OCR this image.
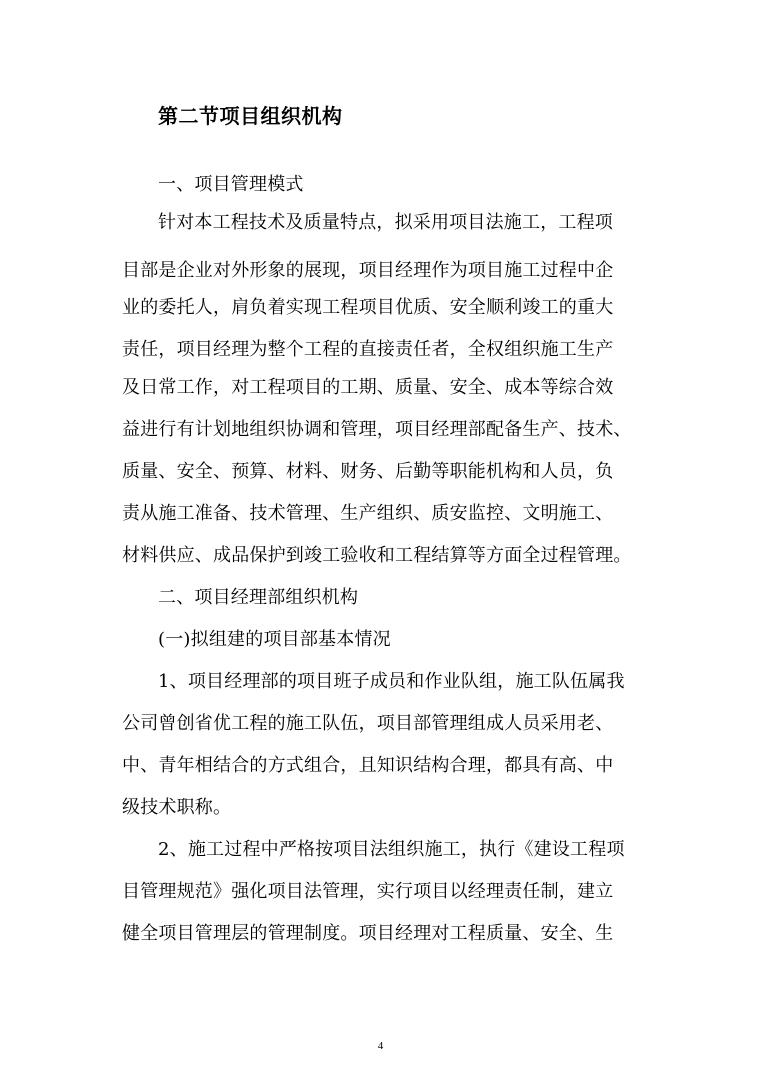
第二节项目组织机构
一、项目管理模式
针对本工程技术及质量特点，拟采用项目法施工，工程项
目部是企业对外形象的展现，项目经理作为项目施工过程中企
业的委托人，肩负着实现工程项目优质、安全顺利竣工的重大
责任，项目经理为整个工程的直接责任者，全权组织施工生产
及日常工作，对工程项目的工期、质量、安全、成本等综合效
益进行有计划地组织协调和管理，项目经理部配备生产、技术、
质量、安全、预算、材料、财务、后勤等职能机构和人员，负
责从施工准备、技术管理、生产组织、质安监控、文明施工、
材料供应、成品保护到竣工验收和工程结算等方面全过程管理。
二、项目经理部组织机构
(一)拟组建的项目部基本情况
1、项目经理部的项目班子成员和作业队组，施工队伍属我
公司曾创省优工程的施工队伍，项目部管理组成人员采用老、
中、青年相结合的方式组合，且知识结构合理，都具有高、中
级技术职称。
2、施工过程中严格按项目法组织施工，执行《建设工程项
目管理规范》强化项目法管理，实行项目以经理责任制，建立
健全项目管理层的管理制度。项目经理对工程质量、安全、生
4
